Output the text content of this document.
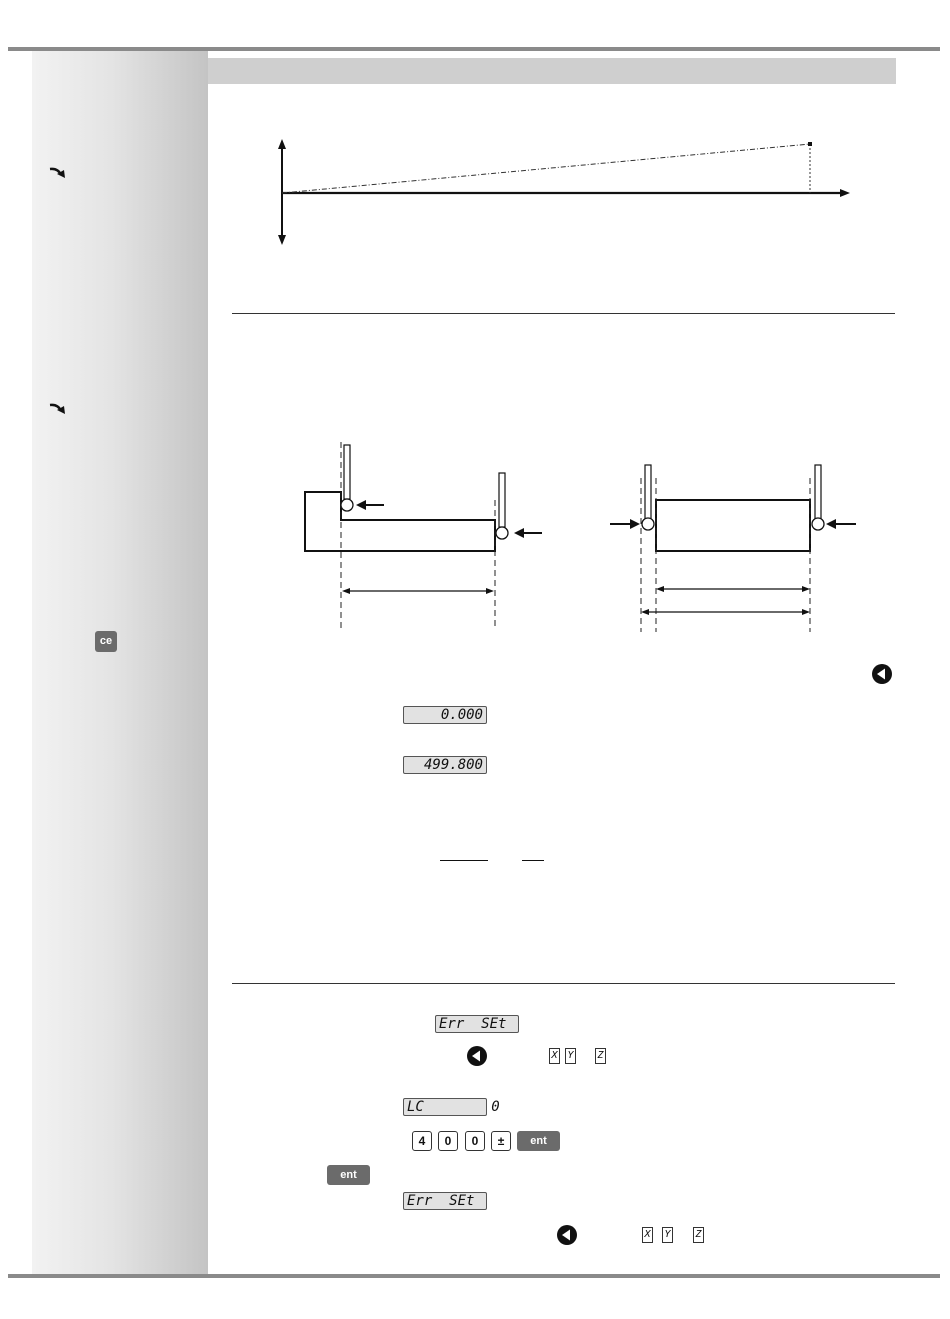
ce
0.000
499.800
Err  SEt
X Y Z
LC        0
4	0	0	±	ent
ent
Err  SEt
X Y Z
